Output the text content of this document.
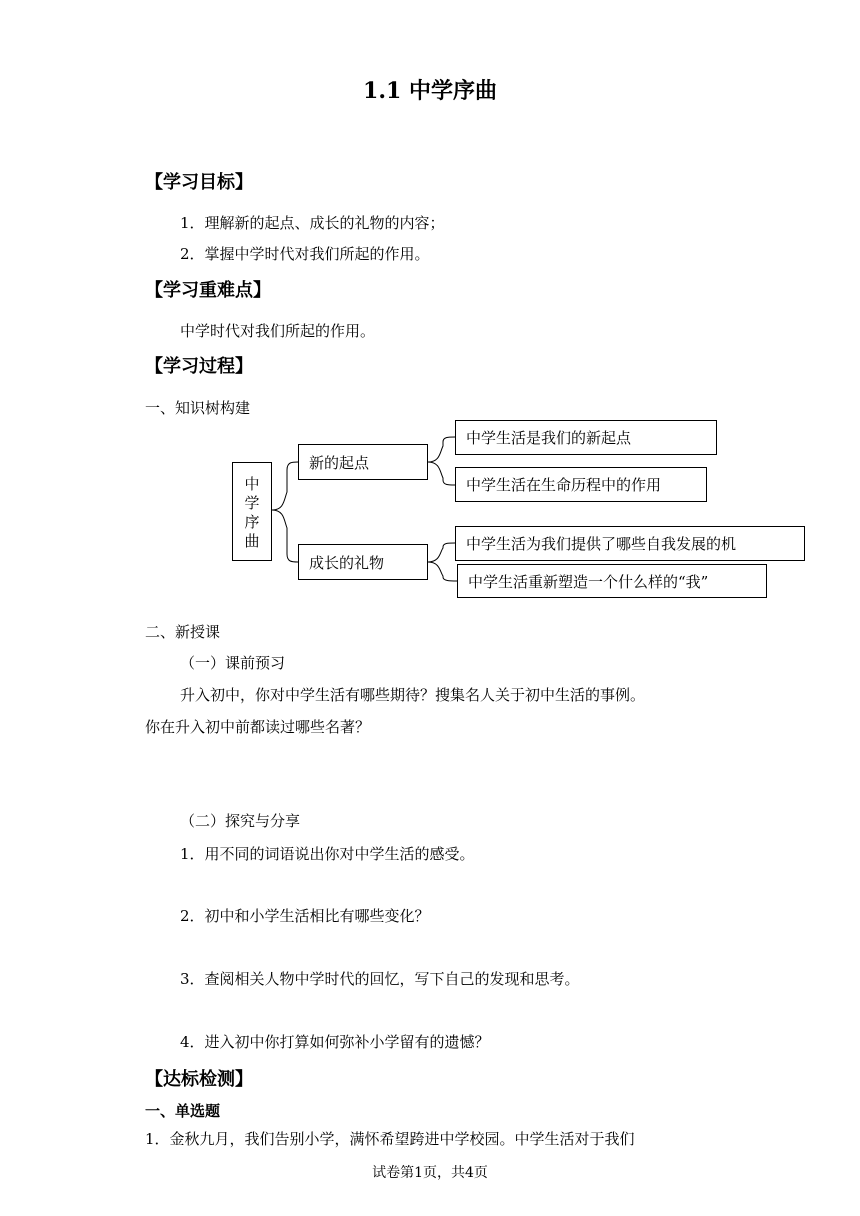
1.1 中学序曲
【学习目标】
1．理解新的起点、成长的礼物的内容；
2．掌握中学时代对我们所起的作用。
【学习重难点】
中学时代对我们所起的作用。
【学习过程】
一、知识树构建
中学序曲
新的起点
成长的礼物
中学生活是我们的新起点
中学生活在生命历程中的作用
中学生活为我们提供了哪些自我发展的机
中学生活重新塑造一个什么样的“我”
二、新授课
（一）课前预习
升入初中，你对中学生活有哪些期待？搜集名人关于初中生活的事例。
你在升入初中前都读过哪些名著？
（二）探究与分享
1．用不同的词语说出你对中学生活的感受。
2．初中和小学生活相比有哪些变化？
3．查阅相关人物中学时代的回忆，写下自己的发现和思考。
4．进入初中你打算如何弥补小学留有的遗憾？
【达标检测】
一、单选题
1．金秋九月，我们告别小学，满怀希望跨进中学校园。中学生活对于我们
试卷第1页，共4页
